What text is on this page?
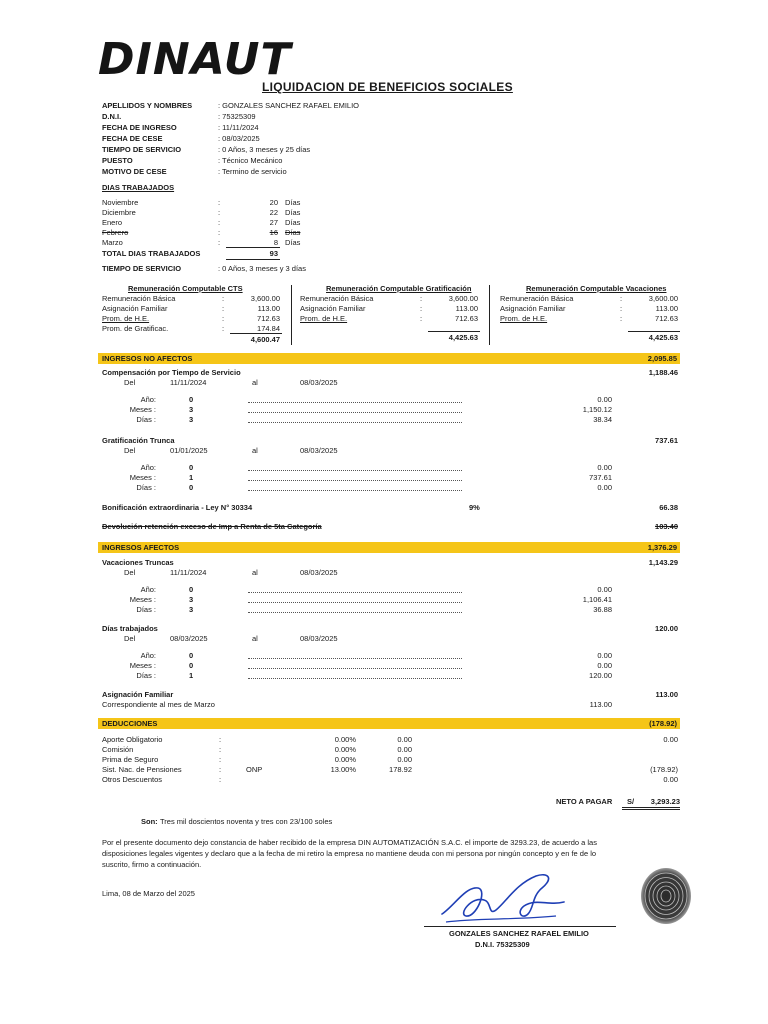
DINAUT
LIQUIDACION DE BENEFICIOS SOCIALES
APELLIDOS Y NOMBRES	: GONZALES SANCHEZ RAFAEL EMILIO
D.N.I.	: 75325309
FECHA DE INGRESO	: 11/11/2024
FECHA DE CESE	: 08/03/2025
TIEMPO DE SERVICIO	: 0 Años, 3 meses y 25 días
PUESTO	: Técnico Mecánico
MOTIVO DE CESE	: Termino de servicio
DIAS TRABAJADOS
Noviembre	:	20 Días
Diciembre	:	22 Días
Enero	:	27 Días
Febrero	:	16 Días
Marzo	:	8 Días
TOTAL DIAS TRABAJADOS	93
TIEMPO DE SERVICIO	: 0 Años, 3 meses y 3 días
Remuneración Computable CTS
Remuneración Básica	:	3,600.00
Asignación Familiar	:	113.00
Prom. de H.E.	:	712.63
Prom. de Gratificac.	:	174.84
4,600.47
Remuneración Computable Gratificación
Remuneración Básica	:	3,600.00
Asignación Familiar	:	113.00
Prom. de H.E.	:	712.63
4,425.63
Remuneración Computable Vacaciones
Remuneración Básica	:	3,600.00
Asignación Familiar	:	113.00
Prom. de H.E.	:	712.63
4,425.63
INGRESOS NO AFECTOS	2,095.85
Compensación por Tiempo de Servicio	1,188.46
Del	11/11/2024	al	08/03/2025
Año:	0	0.00
Meses :	3	1,150.12
Días :	3	38.34
Gratificación Trunca	737.61
Del	01/01/2025	al	08/03/2025
Año:	0	0.00
Meses :	1	737.61
Días :	0	0.00
Bonificación extraordinaria - Ley N° 30334	9%	66.38
Devolución retención exceso de Imp a Renta de 5ta Categoría	103.40
INGRESOS AFECTOS	1,376.29
Vacaciones Truncas	1,143.29
Del	11/11/2024	al	08/03/2025
Año:	0	0.00
Meses :	3	1,106.41
Días :	3	36.88
Días trabajados	120.00
Del	08/03/2025	al	08/03/2025
Año:	0	0.00
Meses :	0	0.00
Días :	1	120.00
Asignación Familiar	113.00
Correspondiente al mes de Marzo	113.00
DEDUCCIONES	(178.92)
Aporte Obligatorio	:	0.00%	0.00	0.00
Comisión	:	0.00%	0.00
Prima de Seguro	:	0.00%	0.00
Sist. Nac. de Pensiones	:	ONP	13.00%	178.92	(178.92)
Otros Descuentos	:	0.00
NETO A PAGAR S/	3,293.23
Son: Tres mil doscientos noventa y tres con 23/100 soles
Por el presente documento dejo constancia de haber recibido de la empresa DIN AUTOMATIZACIÓN S.A.C. el importe de 3293.23, de acuerdo a las
disposiciones legales vigentes y declaro que a la fecha de mi retiro la empresa no mantiene deuda con mi persona por ningún concepto y en fe de lo
suscrito, firmo a continuación.
Lima, 08 de Marzo del 2025
GONZALES SANCHEZ RAFAEL EMILIO
D.N.I. 75325309
